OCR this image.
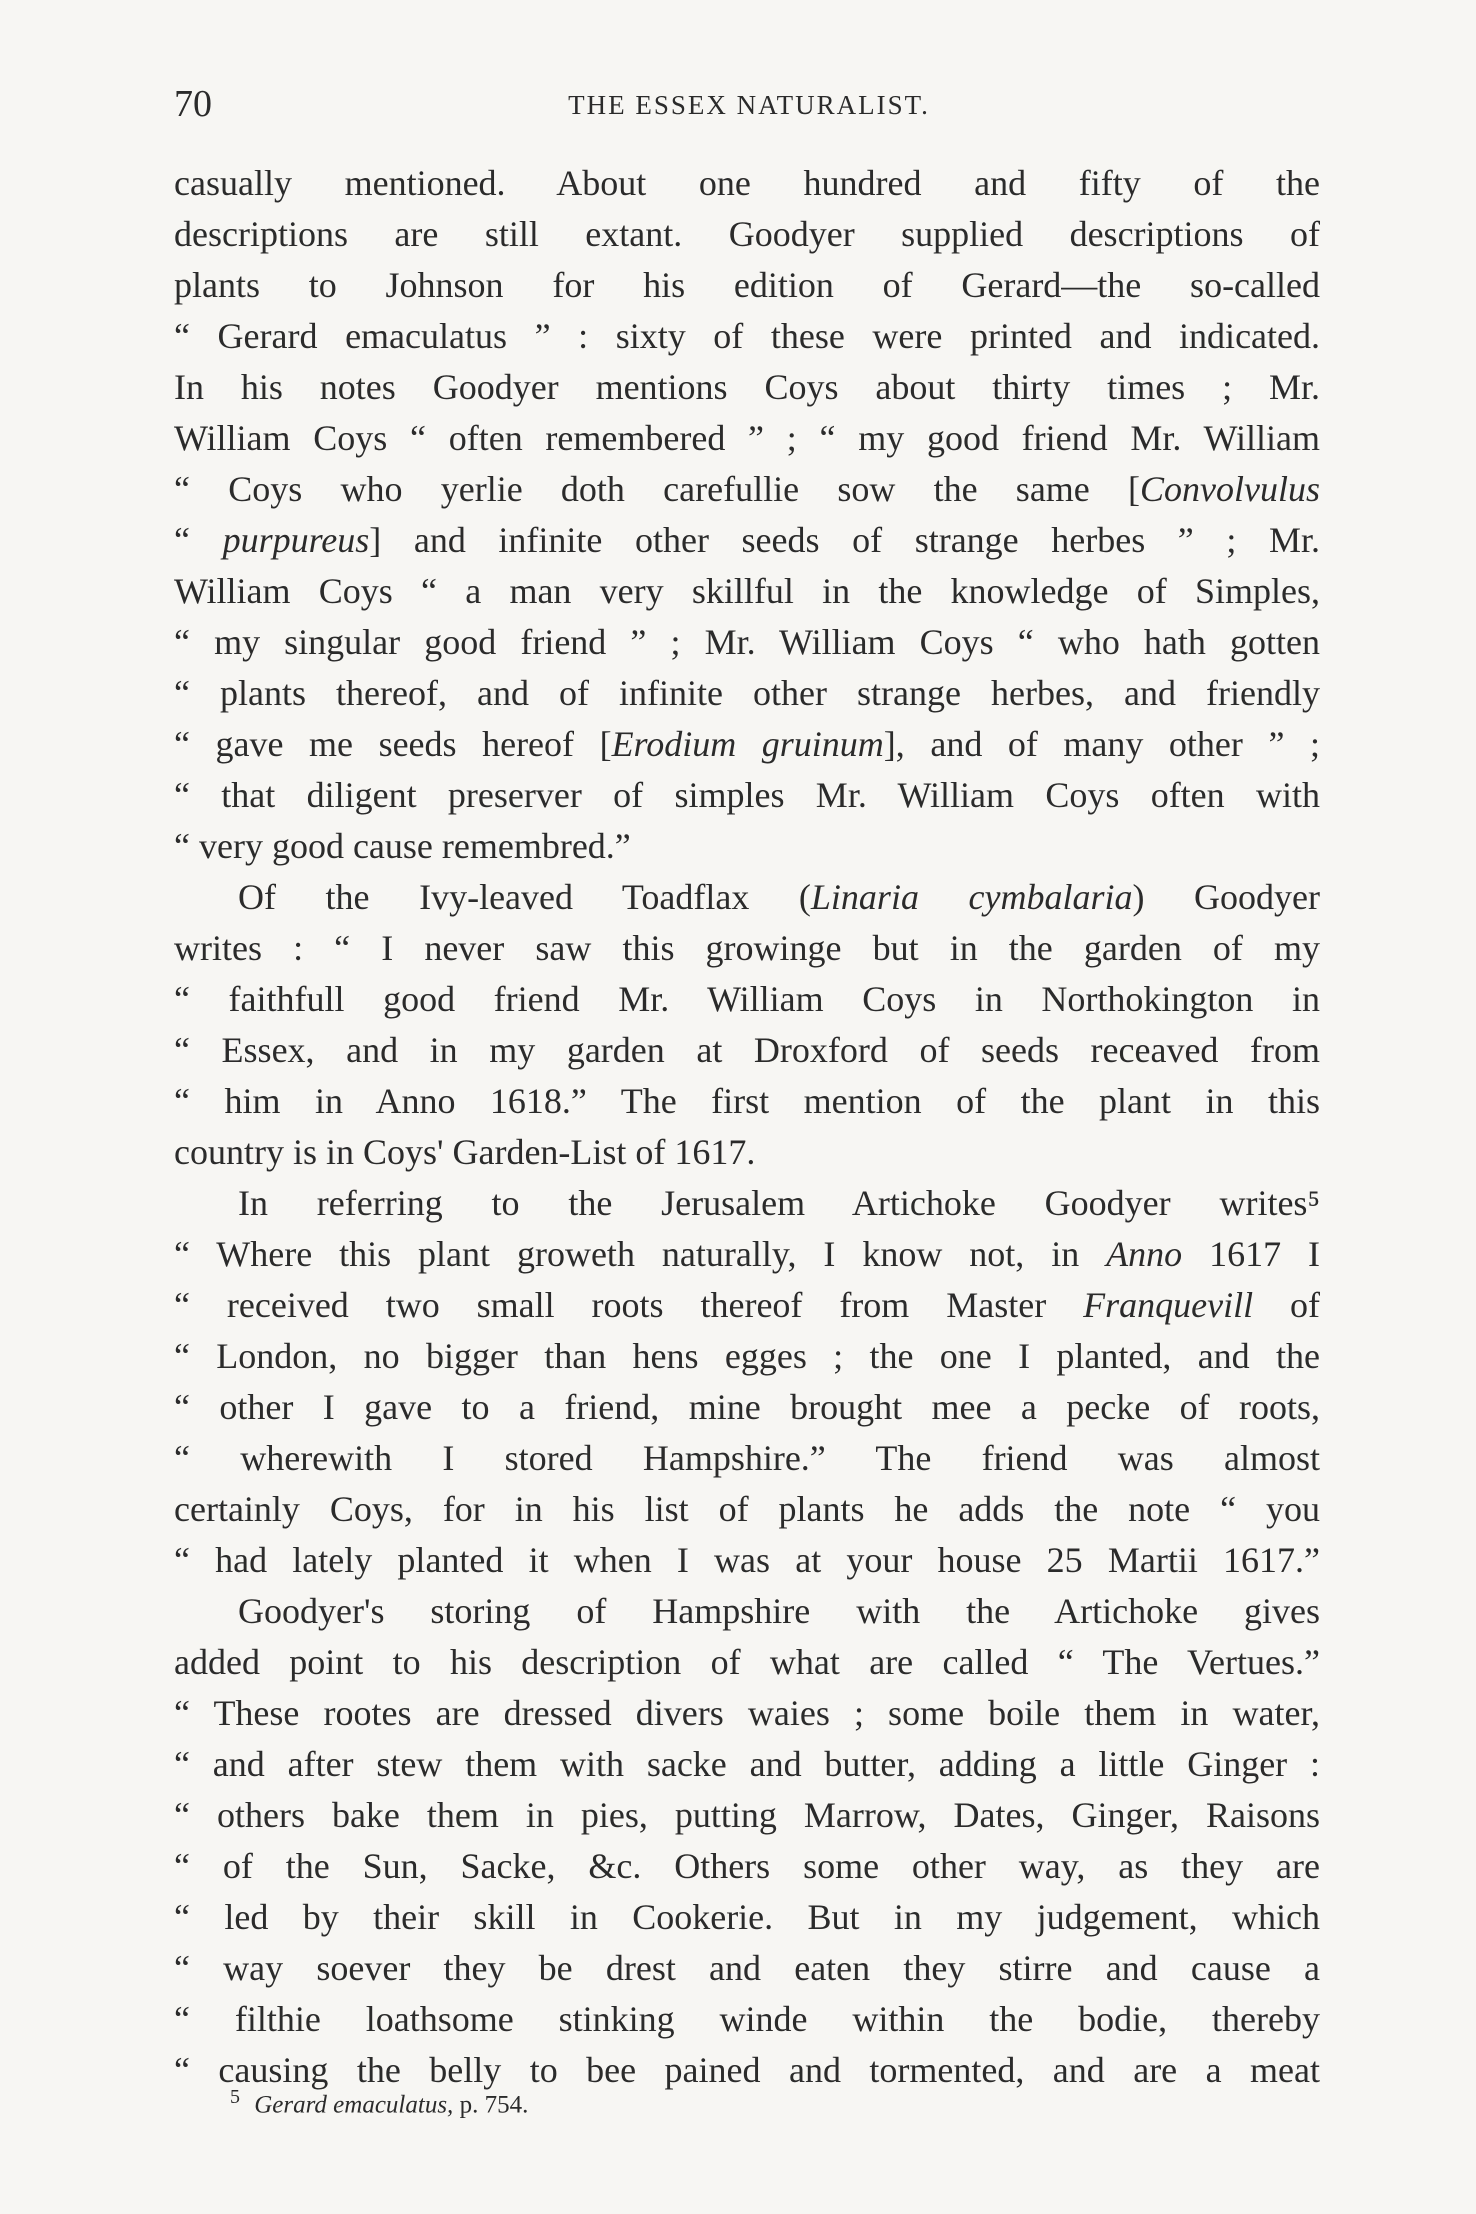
70	THE ESSEX NATURALIST.
casually mentioned. About one hundred and fifty of the
descriptions are still extant. Goodyer supplied descriptions of
plants to Johnson for his edition of Gerard—the so-called
“ Gerard emaculatus ” : sixty of these were printed and indicated.
In his notes Goodyer mentions Coys about thirty times ; Mr.
William Coys “ often remembered ” ; “ my good friend Mr. William
“ Coys who yerlie doth carefullie sow the same [Convolvulus
“ purpureus] and infinite other seeds of strange herbes ” ; Mr.
William Coys “ a man very skillful in the knowledge of Simples,
“ my singular good friend ” ; Mr. William Coys “ who hath gotten
“ plants thereof, and of infinite other strange herbes, and friendly
“ gave me seeds hereof [Erodium gruinum], and of many other ” ;
“ that diligent preserver of simples Mr. William Coys often with
“ very good cause remembred.”
Of the Ivy-leaved Toadflax (Linaria cymbalaria) Goodyer
writes : “ I never saw this growinge but in the garden of my
“ faithfull good friend Mr. William Coys in Northokington in
“ Essex, and in my garden at Droxford of seeds receaved from
“ him in Anno 1618.” The first mention of the plant in this
country is in Coys' Garden-List of 1617.
In referring to the Jerusalem Artichoke Goodyer writes⁵
“ Where this plant groweth naturally, I know not, in Anno 1617 I
“ received two small roots thereof from Master Franquevill of
“ London, no bigger than hens egges ; the one I planted, and the
“ other I gave to a friend, mine brought mee a pecke of roots,
“ wherewith I stored Hampshire.” The friend was almost
certainly Coys, for in his list of plants he adds the note “ you
“ had lately planted it when I was at your house 25 Martii 1617.”
Goodyer's storing of Hampshire with the Artichoke gives
added point to his description of what are called “ The Vertues.”
“ These rootes are dressed divers waies ; some boile them in water,
“ and after stew them with sacke and butter, adding a little Ginger :
“ others bake them in pies, putting Marrow, Dates, Ginger, Raisons
“ of the Sun, Sacke, &c. Others some other way, as they are
“ led by their skill in Cookerie. But in my judgement, which
“ way soever they be drest and eaten they stirre and cause a
“ filthie loathsome stinking winde within the bodie, thereby
“ causing the belly to bee pained and tormented, and are a meat
$^5$ Gerard emaculatus, p. 754.
